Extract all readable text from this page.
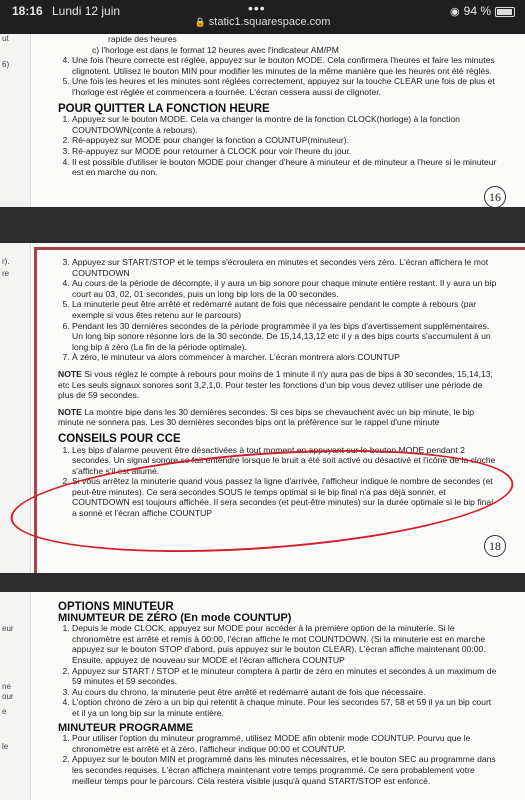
18:16 Lundi 12 juin	•••
🔒 static1.squarespace.com
◉ 94 %
ut
6)
rapide des heures
c) l'horloge est dans le format 12 heures avec l'indicateur AM/PM
4. Une fois l'heure correcte est réglée, appuyez sur le bouton MODE. Cela confirmera l'heures et faire les minutes clignotent. Utilisez le bouton MIN pour modifier les minutes de la même manière que les heures ont été réglés.
5. Une fois les heures et les minutes sont réglées correctement, appuyez sur la touche CLEAR une fois de plus et l'horloge est réglée et commencera a tournée. L'écran cessera aussi de clignoter.
POUR QUITTER LA FONCTION HEURE
1. Appuyez sur le bouton MODE. Cela va changer la montre de la fonction CLOCK(horloge) à la fonction COUNTDOWN(conte à rebours).
2. Ré-appuyez sur MODE pour changer la fonction a COUNTUP(minuteur).
3. Ré-appuyez sur MODE pour retourner à CLOCK pour voir l'heure du jour.
4. Il est possible d'utiliser le bouton MODE pour changer d'heure à minuteur et de minuteur a l'heure si le minuteur est en marche ou non.
16
r).
re
3. Appuyez sur START/STOP et le temps s'écroulera en minutes et secondes vers zéro. L'écran affichera le mot COUNTDOWN
4. Au cours de la période de décompte, il y aura un bip sonore pour chaque minute entière restant. Il y aura un bip court au 03, 02, 01 secondes, puis un long bip lors de la 00 secondes.
5. La minuterie peut être arrêté et redémarré autant de fois que nécessaire pendant le compte à rebours (par exemple si vous êtes retenu sur le parcours)
6. Pendant les 30 dernières secondes de la période programmée il ya les bips d'avertissement supplémentaires. Un long bip sonore résonne lors de la 30 seconde. De 15,14,13,12 etc il y a des bips courts s'accumulent à un long bip à zéro (La fin de la période optimale).
7. À zéro, le minuteur va alors commencer à marcher. L'écran montrera alors COUNTUP
NOTE Si vous réglez le compte à rebours pour moins de 1 minute il n'y aura pas de bips à 30 secondes, 15,14,13, etc Les seuls signaux sonores sont 3,2,1,0. Pour tester les fonctions d'un bip vous devez utiliser une période de plus de 59 secondes.
NOTE La montre bipe dans les 30 dernières secondes. Si ces bips se chevauchent avec un bip minute, le bip minute ne sonnera pas. Les 30 dernières secondes bips ont la préférence sur le rappel d'une minute
CONSEILS POUR CCE
1. Les bips d'alarme peuvent être désactivées à tout moment en appuyant sur le bouton MODE pendant 2 secondes. Un signal sonore se fait entendre lorsque le bruit a été soit activé ou désactivé et l'icône de la cloche s'affiche s'il est allumé.
2. Si vous arrêtez la minuterie quand vous passez la ligne d'arrivée, l'afficheur indique le nombre de secondes (et peut-être minutes). Ce sera secondes SOUS le temps optimal si le bip final n'a pas déjà sonner, et COUNTDOWN est toujours affichée. Il sera secondes (et peut-être minutes) sur la durée optimale si le bip final a sonné et l'écran affiche COUNTUP
18
eur
ne
our
e
le
OPTIONS MINUTEUR
MINUMTEUR DE ZÉRO (En mode COUNTUP)
1. Depuis le mode CLOCK, appuyez sur MODE pour accéder à la première option de la minuterie. Si le chronomètre est arrêté et remis à 00:00, l'écran affiche le mot COUNTDOWN. (Si la minuterie est en marche appuyez sur le bouton STOP d'abord, puis appuyez sur le bouton CLEAR). L'écran affiche maintenant 00:00. Ensuite, appuyez de nouveau sur MODE et l'écran affichera COUNTUP
2. Appuyez sur START / STOP et le minuteur comptera à partir de zéro en minutes et secondes à un maximum de 59 minutes et 59 secondes.
3. Au cours du chrono, la minuterie peut être arrêté et redémarré autant de fois que nécessaire.
4. L'option chrono de zéro a un bip qui retentit à chaque minute. Pour les secondes 57, 58 et 59 il ya un bip court et il ya un long bip sur la minute entière.
MINUTEUR PROGRAMME
1. Pour utiliser l'option du minuteur programmé, utilisez MODE afin obtenir mode COUNTUP. Pourvu que le chronomètre est arrêté et à zéro, l'afficheur indique 00:00 et COUNTUP.
2. Appuyez sur le bouton MIN et programmé dans les minutes nécessaires, et le bouton SEC au programme dans les secondes requises. L'écran affichera maintenant votre temps programmé. Ce sera probablement votre meilleur temps pour le parcours. Cela restera visible jusqu'à quand START/STOP est enfoncé.
